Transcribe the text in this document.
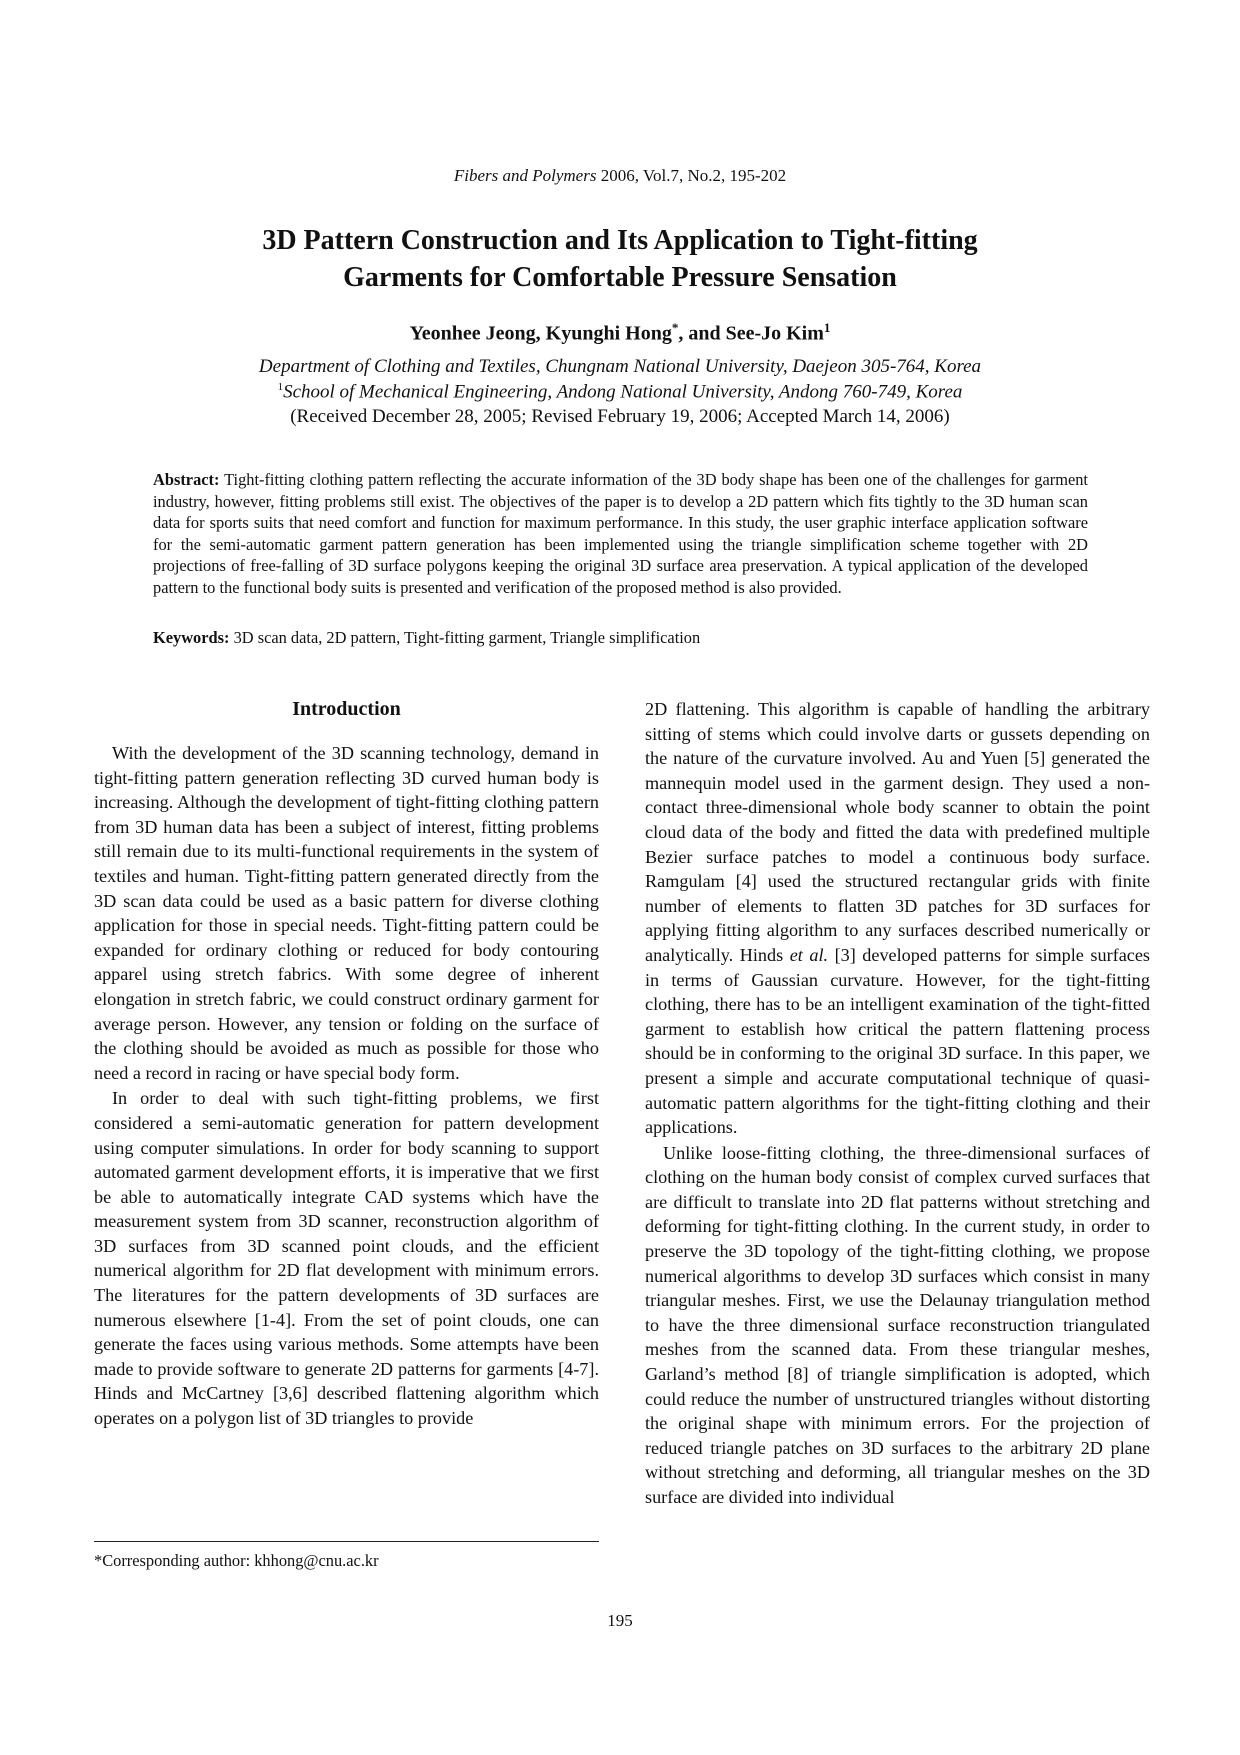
Fibers and Polymers 2006, Vol.7, No.2, 195-202
3D Pattern Construction and Its Application to Tight-fitting
Garments for Comfortable Pressure Sensation
Yeonhee Jeong, Kyunghi Hong*, and See-Jo Kim$^1$
Department of Clothing and Textiles, Chungnam National University, Daejeon 305-764, Korea
$^1$School of Mechanical Engineering, Andong National University, Andong 760-749, Korea
(Received December 28, 2005; Revised February 19, 2006; Accepted March 14, 2006)

Abstract: Tight-fitting clothing pattern reflecting the accurate information of the 3D body shape has been one of the challenges for garment industry, however, fitting problems still exist. The objectives of the paper is to develop a 2D pattern which fits tightly to the 3D human scan data for sports suits that need comfort and function for maximum performance. In this study, the user graphic interface application software for the semi-automatic garment pattern generation has been implemented using the triangle simplification scheme together with 2D projections of free-falling of 3D surface polygons keeping the original 3D surface area preservation. A typical application of the developed pattern to the functional body suits is presented and verification of the proposed method is also provided.

Keywords: 3D scan data, 2D pattern, Tight-fitting garment, Triangle simplification

Introduction

With the development of the 3D scanning technology, demand in tight-fitting pattern generation reflecting 3D curved human body is increasing. Although the development of tight-fitting clothing pattern from 3D human data has been a subject of interest, fitting problems still remain due to its multi-functional requirements in the system of textiles and human. Tight-fitting pattern generated directly from the 3D scan data could be used as a basic pattern for diverse clothing application for those in special needs. Tight-fitting pattern could be expanded for ordinary clothing or reduced for body contouring apparel using stretch fabrics. With some degree of inherent elongation in stretch fabric, we could construct ordinary garment for average person. However, any tension or folding on the surface of the clothing should be avoided as much as possible for those who need a record in racing or have special body form.

In order to deal with such tight-fitting problems, we first considered a semi-automatic generation for pattern development using computer simulations. In order for body scanning to support automated garment development efforts, it is imperative that we first be able to automatically integrate CAD systems which have the measurement system from 3D scanner, reconstruction algorithm of 3D surfaces from 3D scanned point clouds, and the efficient numerical algorithm for 2D flat development with minimum errors. The literatures for the pattern developments of 3D surfaces are numerous elsewhere [1-4]. From the set of point clouds, one can generate the faces using various methods. Some attempts have been made to provide software to generate 2D patterns for garments [4-7]. Hinds and McCartney [3,6] described flattening algorithm which operates on a polygon list of 3D triangles to provide

2D flattening. This algorithm is capable of handling the arbitrary sitting of stems which could involve darts or gussets depending on the nature of the curvature involved. Au and Yuen [5] generated the mannequin model used in the garment design. They used a non-contact three-dimensional whole body scanner to obtain the point cloud data of the body and fitted the data with predefined multiple Bezier surface patches to model a continuous body surface. Ramgulam [4] used the structured rectangular grids with finite number of elements to flatten 3D patches for 3D surfaces for applying fitting algorithm to any surfaces described numerically or analytically. Hinds et al. [3] developed patterns for simple surfaces in terms of Gaussian curvature. However, for the tight-fitting clothing, there has to be an intelligent examination of the tight-fitted garment to establish how critical the pattern flattening process should be in conforming to the original 3D surface. In this paper, we present a simple and accurate computational technique of quasi-automatic pattern algorithms for the tight-fitting clothing and their applications.

Unlike loose-fitting clothing, the three-dimensional surfaces of clothing on the human body consist of complex curved surfaces that are difficult to translate into 2D flat patterns without stretching and deforming for tight-fitting clothing. In the current study, in order to preserve the 3D topology of the tight-fitting clothing, we propose numerical algorithms to develop 3D surfaces which consist in many triangular meshes. First, we use the Delaunay triangulation method to have the three dimensional surface reconstruction triangulated meshes from the scanned data. From these triangular meshes, Garland’s method [8] of triangle simplification is adopted, which could reduce the number of unstructured triangles without distorting the original shape with minimum errors. For the projection of reduced triangle patches on 3D surfaces to the arbitrary 2D plane without stretching and deforming, all triangular meshes on the 3D surface are divided into individual

*Corresponding author: khhong@cnu.ac.kr
195
